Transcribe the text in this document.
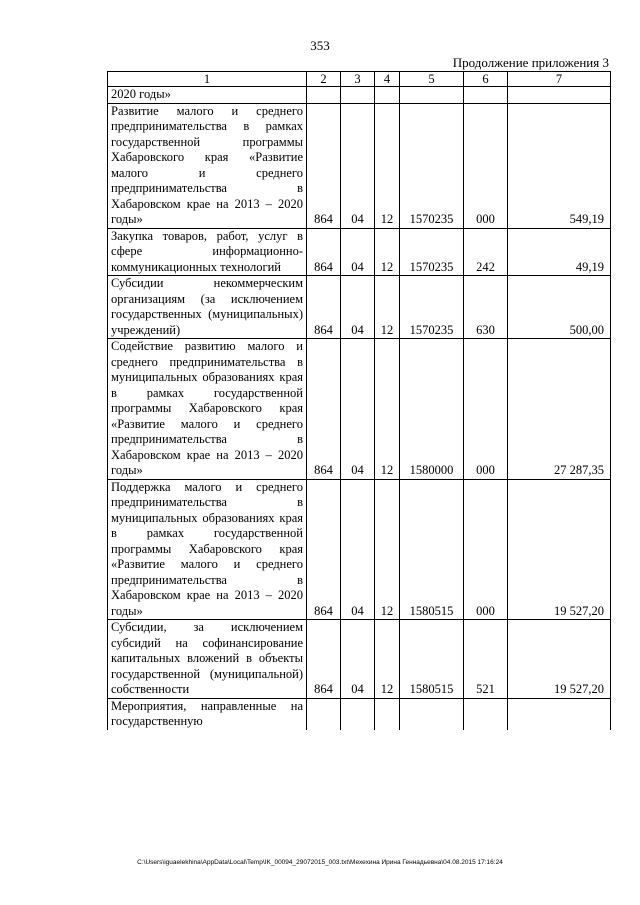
353
Продолжение приложения 3
1	2	3	4	5	6	7
2020 годы»						
Развитие малого и среднего предпринимательства в рамках государственной программы Хабаровского края «Развитие малого и среднего предпринимательства в Хабаровском крае на 2013 – 2020 годы»	864	04	12	1570235	000	549,19
Закупка товаров, работ, услуг в сфере информационно-коммуникационных технологий	864	04	12	1570235	242	49,19
Субсидии некоммерческим организациям (за исключением государственных (муниципальных) учреждений)	864	04	12	1570235	630	500,00
Содействие развитию малого и среднего предпринимательства в муниципальных образованиях края в рамках государственной программы Хабаровского края «Развитие малого и среднего предпринимательства в Хабаровском крае на 2013 – 2020 годы»	864	04	12	1580000	000	27 287,35
Поддержка малого и среднего предпринимательства в муниципальных образованиях края в рамках государственной программы Хабаровского края «Развитие малого и среднего предпринимательства в Хабаровском крае на 2013 – 2020 годы»	864	04	12	1580515	000	19 527,20
Субсидии, за исключением субсидий на софинансирование капитальных вложений в объекты государственной (муниципальной) собственности	864	04	12	1580515	521	19 527,20
Мероприятия, направленные на государственную						
C:\Users\iguaelekhina\AppData\Local\Temp\IK_00094_29072015_003.txt\Мехехина Ирина Геннадьевна\04.08.2015 17:16:24
